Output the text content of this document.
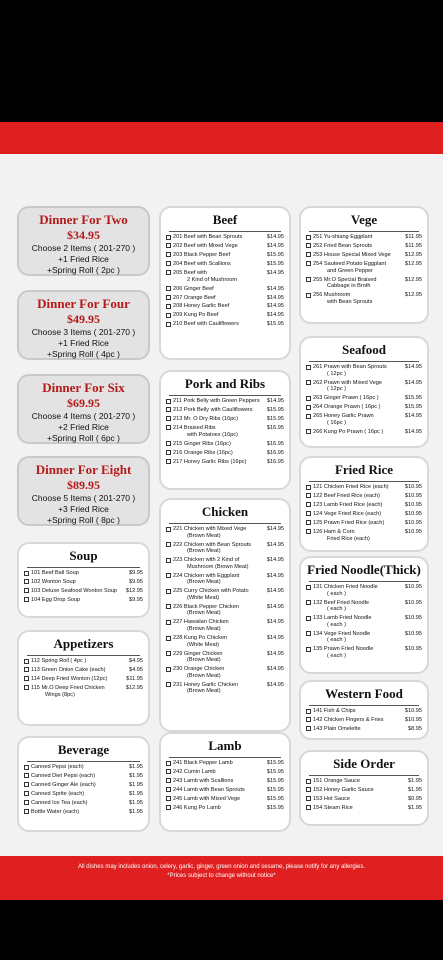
Dinner For Two
$34.95
Choose 2 Items ( 201-270 )
+1 Fried Rice
+Spring Roll ( 2pc )
Dinner For Four
$49.95
Choose 3 Items ( 201-270 )
+1 Fried Rice
+Spring Roll ( 4pc )
Dinner For Six
$69.95
Choose 4 Items ( 201-270 )
+2 Fried Rice
+Spring Roll ( 6pc )
Dinner For Eight
$89.95
Choose 5 Items ( 201-270 )
+3 Fried Rice
+Spring Roll ( 8pc )
Soup
101 Beef Ball Soup	$9.95
102 Wonton Soup	$9.95
103 Deluxe Seafood Wonton Soup	$12.95
104 Egg Drop Soup	$9.95
Appetizers
112 Spring Roll ( 4pc )	$4.95
113 Green Onion Cake (each)	$4.95
114 Deep Fried Wonton (12pc)	$11.95
115 Mr.O Deep Fried Chicken
Wings (8pc)
$12.95
Beverage
Canned Pepsi (each)	$1.95
Canned Diet Pepsi (each)	$1.95
Canned Ginger Ale (each)	$1.95
Canned Sprite (each)	$1.95
Canned Ice Tea (each)	$1.95
Bottle Water (each)	$1.95
Beef
201 Beef with Bean Sprouts	$14.95
202 Beef with Mixed Vege	$14.95
203 Black Pepper Beef	$15.95
204 Beef with Scallions	$15.95
205 Beef with
2 Kind of Mushroom
$14.95
206 Ginger Beef	$14.95
207 Orange Beef	$14.95
208 Honey Garlic Beef	$14.95
209 Kung Po Beef	$14.95
210 Beef with Cauliflowers	$15.95
Pork and Ribs
211 Pork Belly with Green Peppers	$14.95
212 Pork Belly with Cauliflowers	$15.95
213 Mr. O Dry Ribs (16pc)	$15.95
214 Braised Ribs
with Potatoes (16pc)
$16.95
215 Ginger Ribs (16pc)	$16.95
216 Orange Ribs (16pc)	$16.95
217 Honey Garlic Ribs (16pc)	$16.95
Chicken
221 Chicken with Mixed Vege
(Brown Meat)
$14.95
222 Chicken with Bean Sprouts
(Brown Meat)
$14.95
223 Chicken with 2 Kind of
Mushroom (Brown Meat)
$14.95
224 Chicken with Eggplant
(Brown Meat)
$14.95
225 Curry Chicken with Potato
(White Meat)
$14.95
226 Black Pepper Chicken
(Brown Meat)
$14.95
227 Hawaiian Chicken
(Brown Meat)
$14.95
228 Kung Po Chicken
(White Meat)
$14.95
229 Ginger Chicken
(Brown Meat)
$14.95
230 Orange Chicken
(Brown Meat)
$14.95
231 Honey Garlic Chicken
(Brown Meat)
$14.95
Lamb
241 Black Pepper Lamb	$15.95
242 Cumin Lamb	$15.95
243 Lamb with Scallions	$15.95
244 Lamb with Bean Sprouts	$15.95
245 Lamb with Mixed Vege	$15.95
246 Kung Po Lamb	$15.95
Vege
251 Yu-shiang Eggplant	$11.95
252 Fried Bean Sprouts	$11.95
253 House Special Mixed Vege	$12.95
254 Sauteed Potato Eggplant
and Green Pepper
$12.95
255 Mr.O Special Braised
Cabbage in Broth
$12.95
256 Mushroom
with Bean Sprouts
$12.95
Seafood
261 Prawn with Bean Sprouts
( 12pc )
$14.95
262 Prawn with Mixed Vege
( 12pc )
$14.95
263 Ginger Prawn ( 16pc )	$15.95
264 Orange Prawn ( 16pc )	$15.95
265 Honey Garlic Prawn
( 16pc )
$14.95
266 Kung Po Prawn ( 16pc )	$14.95
Fried Rice
121 Chicken Fried Rice (each)	$10.95
122 Beef Fried Rice (each)	$10.95
123 Lamb Fried Rice (each)	$10.95
124 Vege Fried Rice (each)	$10.95
125 Prawn Fried Rice (each)	$10.95
126 Ham & Corn
Fried Rice (each)
$10.95
Fried Noodle(Thick)
131 Chicken Fried Noodle
( each )
$10.95
132 Beef Fried Noodle
( each )
$10.95
133 Lamb Fried Noodle
( each )
$10.95
134 Vege Fried Noodle
( each )
$10.95
135 Prawn Fried Noodle
( each )
$10.95
Western Food
141 Fish & Chips	$10.95
142 Chicken Fingers & Fries	$10.95
143 Plain Omelette	$8.95
Side Order
151 Orange Sauce	$1.95
152 Honey Garlic Sauce	$1.95
153 Hot Sauce	$0.95
154 Steam Rice	$1.95
All dishes may includes onion, celery, garlic, ginger, green onion and sesame, please notify for any allergies.
*Prices subject to change without notice*
